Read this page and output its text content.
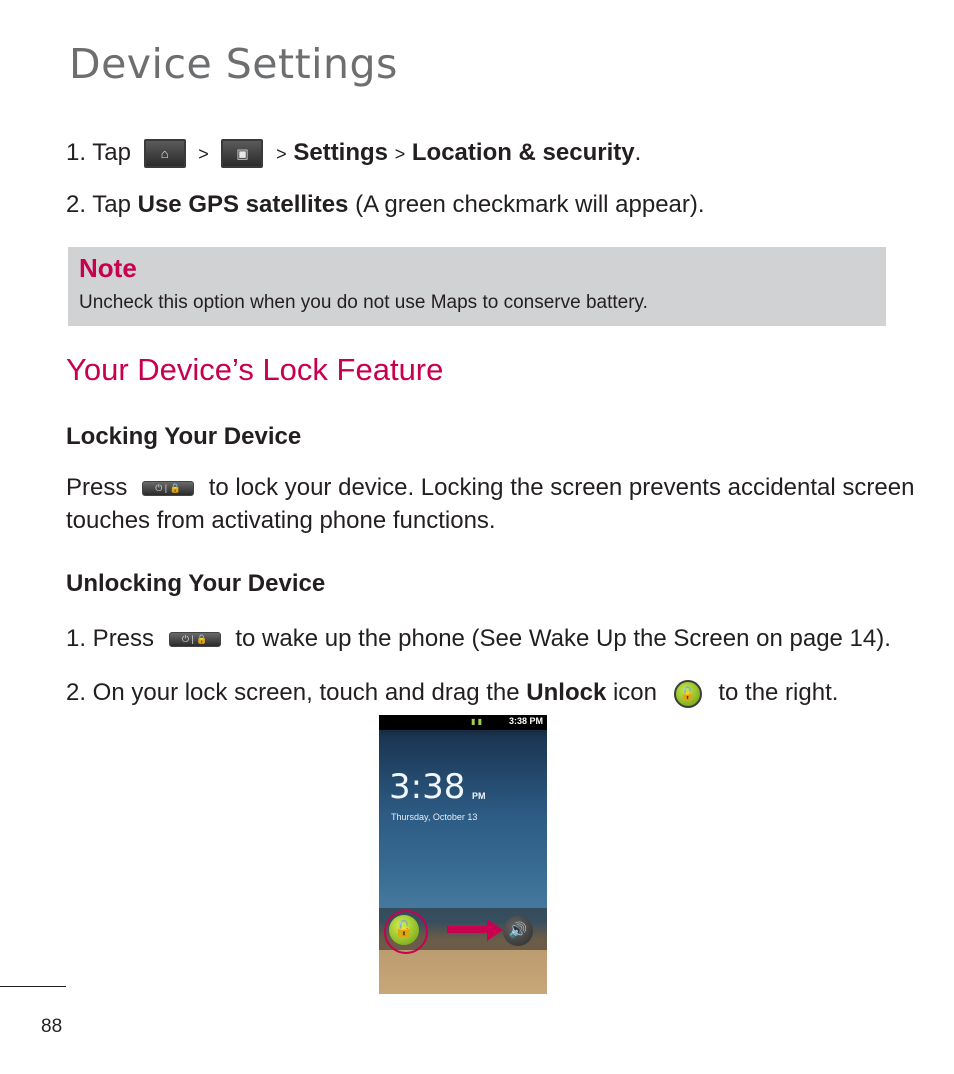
Device Settings
1. Tap ⌂ > ▣ > Settings > Location & security.
2. Tap Use GPS satellites (A green checkmark will appear).
Note
Uncheck this option when you do not use Maps to conserve battery.
Your Device’s Lock Feature
Locking Your Device
Press	⏻ | 🔒 to lock your device. Locking the screen prevents accidental screen
touches from activating phone functions.
Unlocking Your Device
1. Press	⏻ | 🔒 to wake up the phone (See Wake Up the Screen on page 14).
2. On your lock screen, touch and drag the Unlock icon 🔓 to the right.
▮ ▮	3:38 PM
3:38 PM
Thursday, October 13
🔓	🔊
88
